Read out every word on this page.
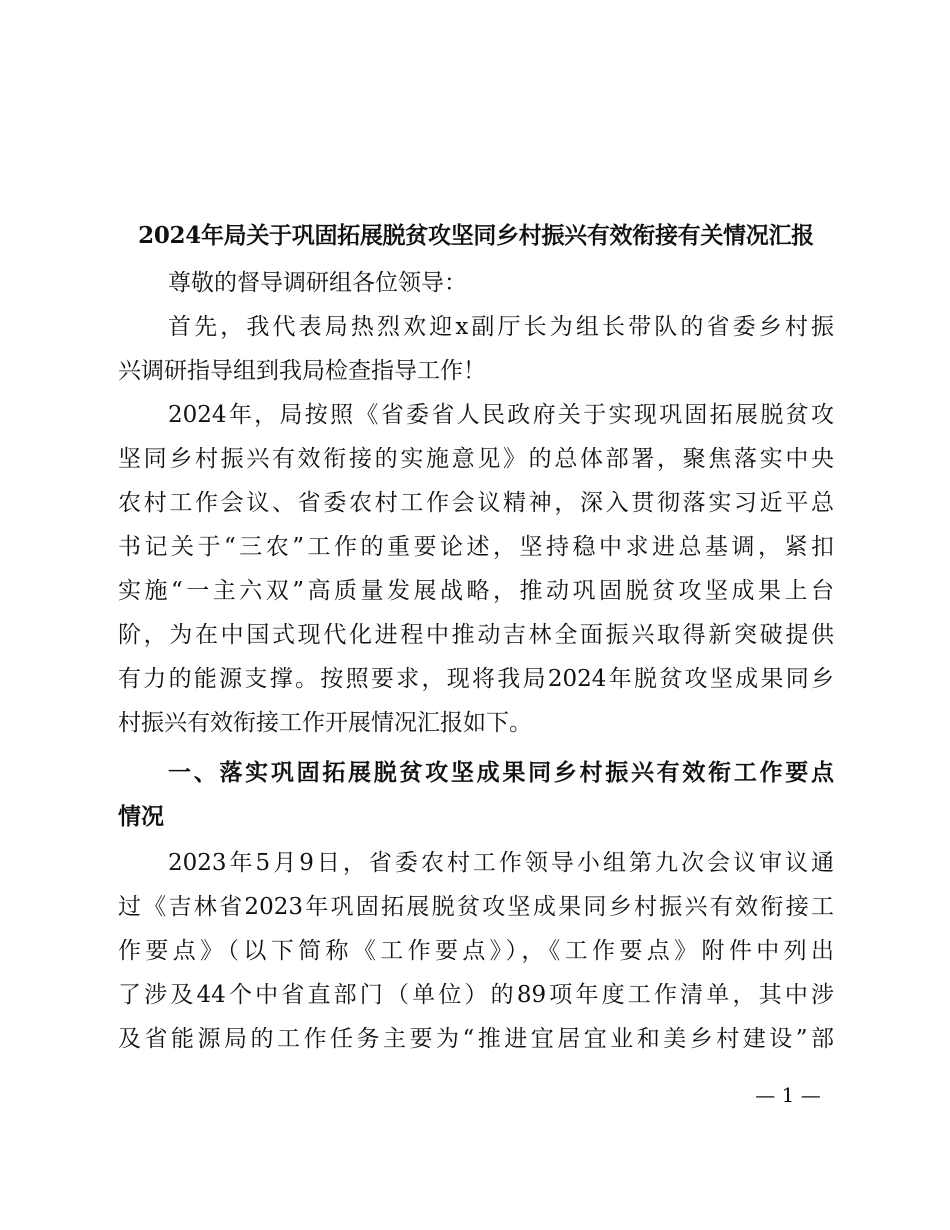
2024年局关于巩固拓展脱贫攻坚同乡村振兴有效衔接有关情况汇报
尊敬的督导调研组各位领导：
首先，我代表局热烈欢迎x副厅长为组长带队的省委乡村振
兴调研指导组到我局检查指导工作！
2024年，局按照《省委省人民政府关于实现巩固拓展脱贫攻
坚同乡村振兴有效衔接的实施意见》的总体部署，聚焦落实中央
农村工作会议、省委农村工作会议精神，深入贯彻落实习近平总
书记关于“三农”工作的重要论述，坚持稳中求进总基调，紧扣
实施“一主六双”高质量发展战略，推动巩固脱贫攻坚成果上台
阶，为在中国式现代化进程中推动吉林全面振兴取得新突破提供
有力的能源支撑。按照要求，现将我局2024年脱贫攻坚成果同乡
村振兴有效衔接工作开展情况汇报如下。
一、落实巩固拓展脱贫攻坚成果同乡村振兴有效衔工作要点
情况
2023年5月9日，省委农村工作领导小组第九次会议审议通
过《吉林省2023年巩固拓展脱贫攻坚成果同乡村振兴有效衔接工
作要点》（以下简称《工作要点》），《工作要点》附件中列出
了涉及44个中省直部门（单位）的89项年度工作清单，其中涉
及省能源局的工作任务主要为“推进宜居宜业和美乡村建设”部
— 1 —
